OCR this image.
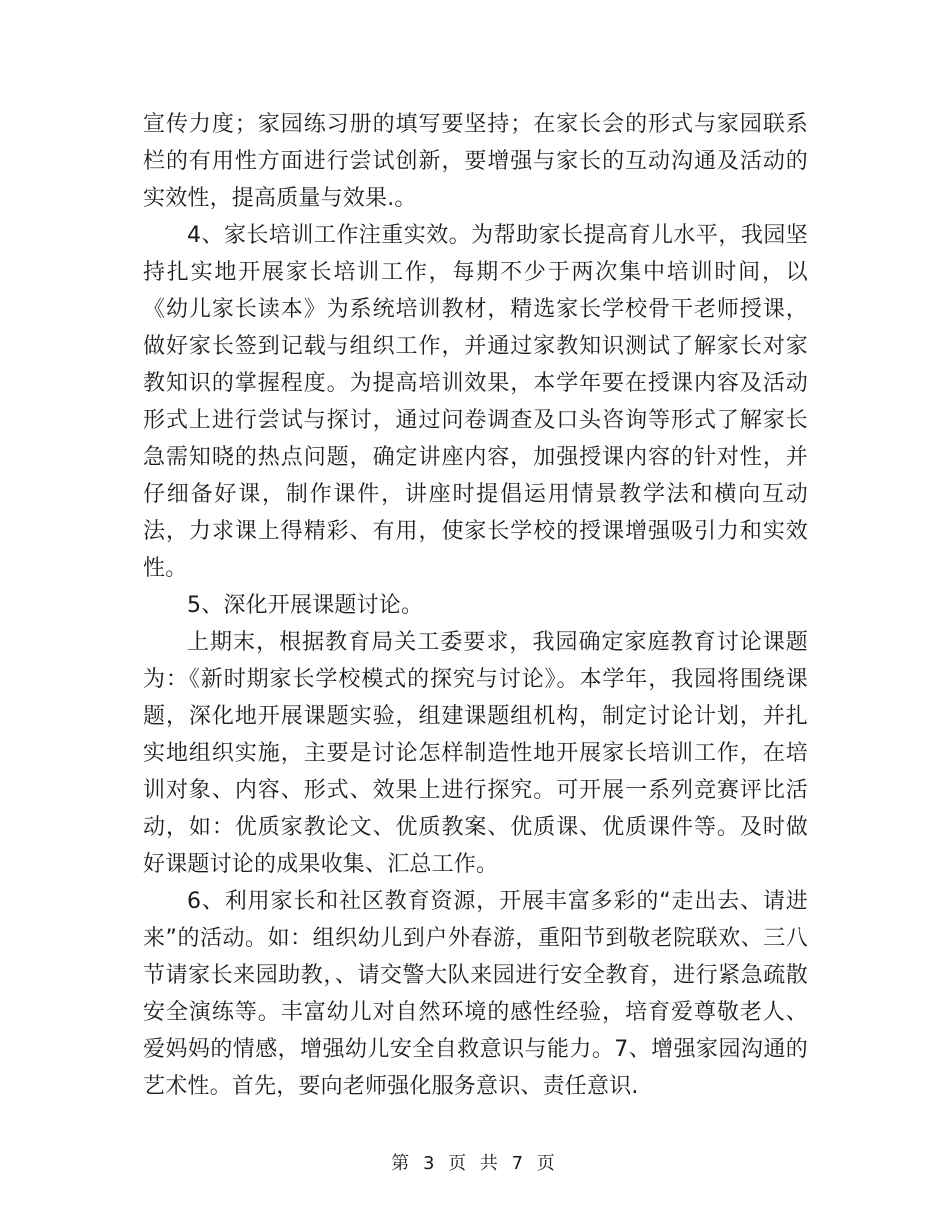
宣传力度；家园练习册的填写要坚持；在家长会的形式与家园联系栏的有用性方面进行尝试创新，要增强与家长的互动沟通及活动的实效性，提高质量与效果.。

4、家长培训工作注重实效。为帮助家长提高育儿水平，我园坚持扎实地开展家长培训工作，每期不少于两次集中培训时间，以《幼儿家长读本》为系统培训教材，精选家长学校骨干老师授课，做好家长签到记载与组织工作，并通过家教知识测试了解家长对家教知识的掌握程度。为提高培训效果，本学年要在授课内容及活动形式上进行尝试与探讨，通过问卷调查及口头咨询等形式了解家长急需知晓的热点问题，确定讲座内容，加强授课内容的针对性，并仔细备好课，制作课件，讲座时提倡运用情景教学法和横向互动法，力求课上得精彩、有用，使家长学校的授课增强吸引力和实效性。

5、深化开展课题讨论。

上期末，根据教育局关工委要求，我园确定家庭教育讨论课题为：《新时期家长学校模式的探究与讨论》。本学年，我园将围绕课题，深化地开展课题实验，组建课题组机构，制定讨论计划，并扎实地组织实施，主要是讨论怎样制造性地开展家长培训工作，在培训对象、内容、形式、效果上进行探究。可开展一系列竞赛评比活动，如：优质家教论文、优质教案、优质课、优质课件等。及时做好课题讨论的成果收集、汇总工作。

6、利用家长和社区教育资源，开展丰富多彩的“走出去、请进来”的活动。如：组织幼儿到户外春游，重阳节到敬老院联欢、三八节请家长来园助教，、请交警大队来园进行安全教育，进行紧急疏散安全演练等。丰富幼儿对自然环境的感性经验，培育爱尊敬老人、爱妈妈的情感，增强幼儿安全自救意识与能力。7、增强家园沟通的艺术性。首先，要向老师强化服务意识、责任意识.

第 3 页 共 7 页
